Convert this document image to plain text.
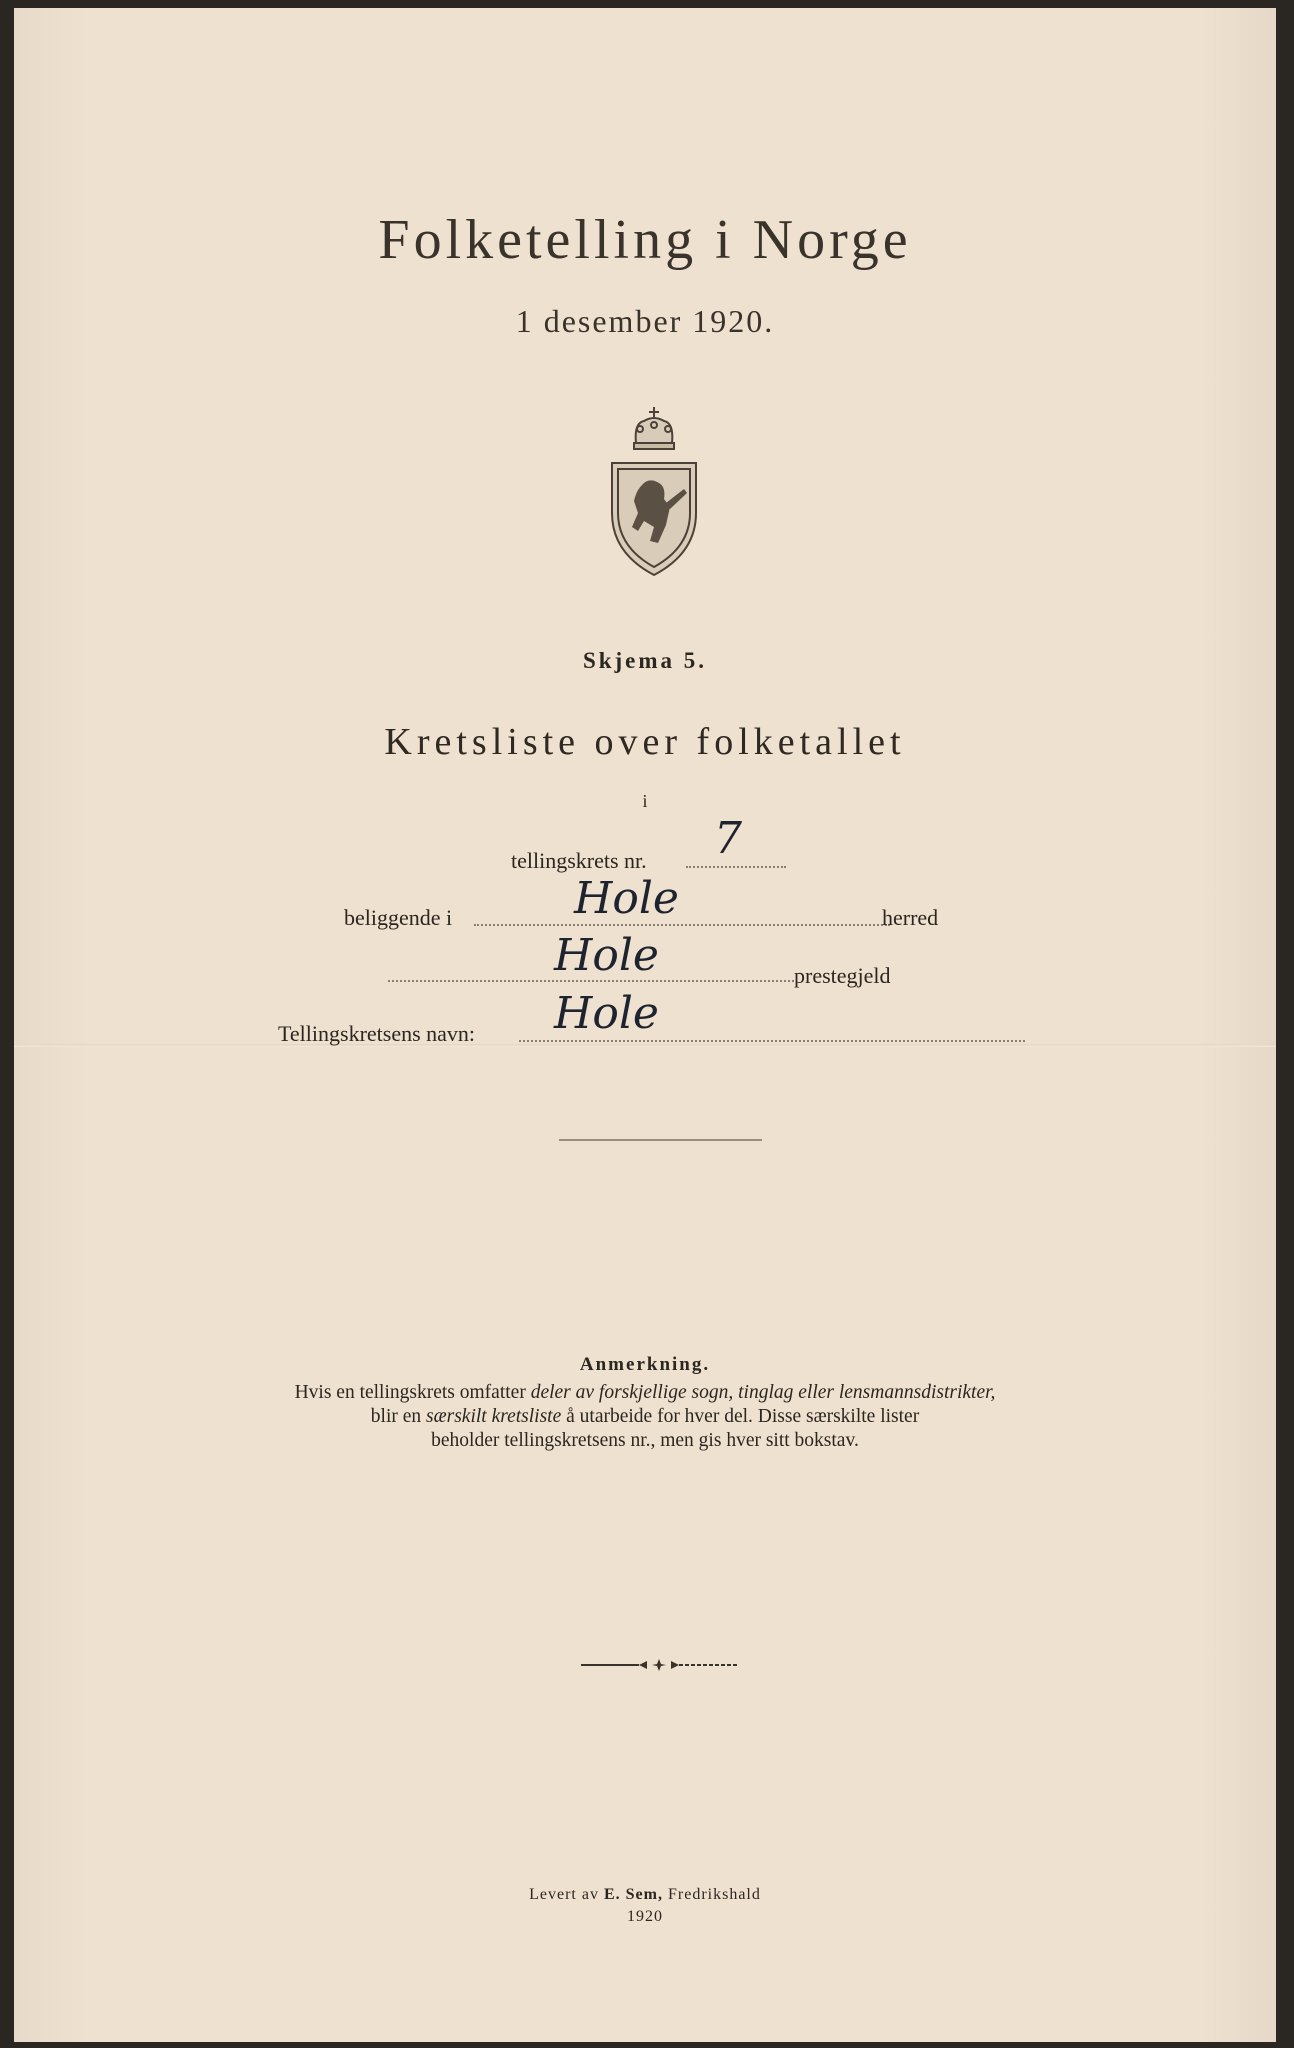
Folketelling i Norge
1 desember 1920.
Skjema 5.
Kretsliste over folketallet
i
tellingskrets nr. 7
beliggende i	Hole	herred
Hole	prestegjeld
Tellingskretsens navn: Hole
Anmerkning.
Hvis en tellingskrets omfatter deler av forskjellige sogn, tinglag eller lensmannsdistrikter,
blir en særskilt kretsliste å utarbeide for hver del. Disse særskilte lister
beholder tellingskretsens nr., men gis hver sitt bokstav.
Levert av E. Sem, Fredrikshald
1920
